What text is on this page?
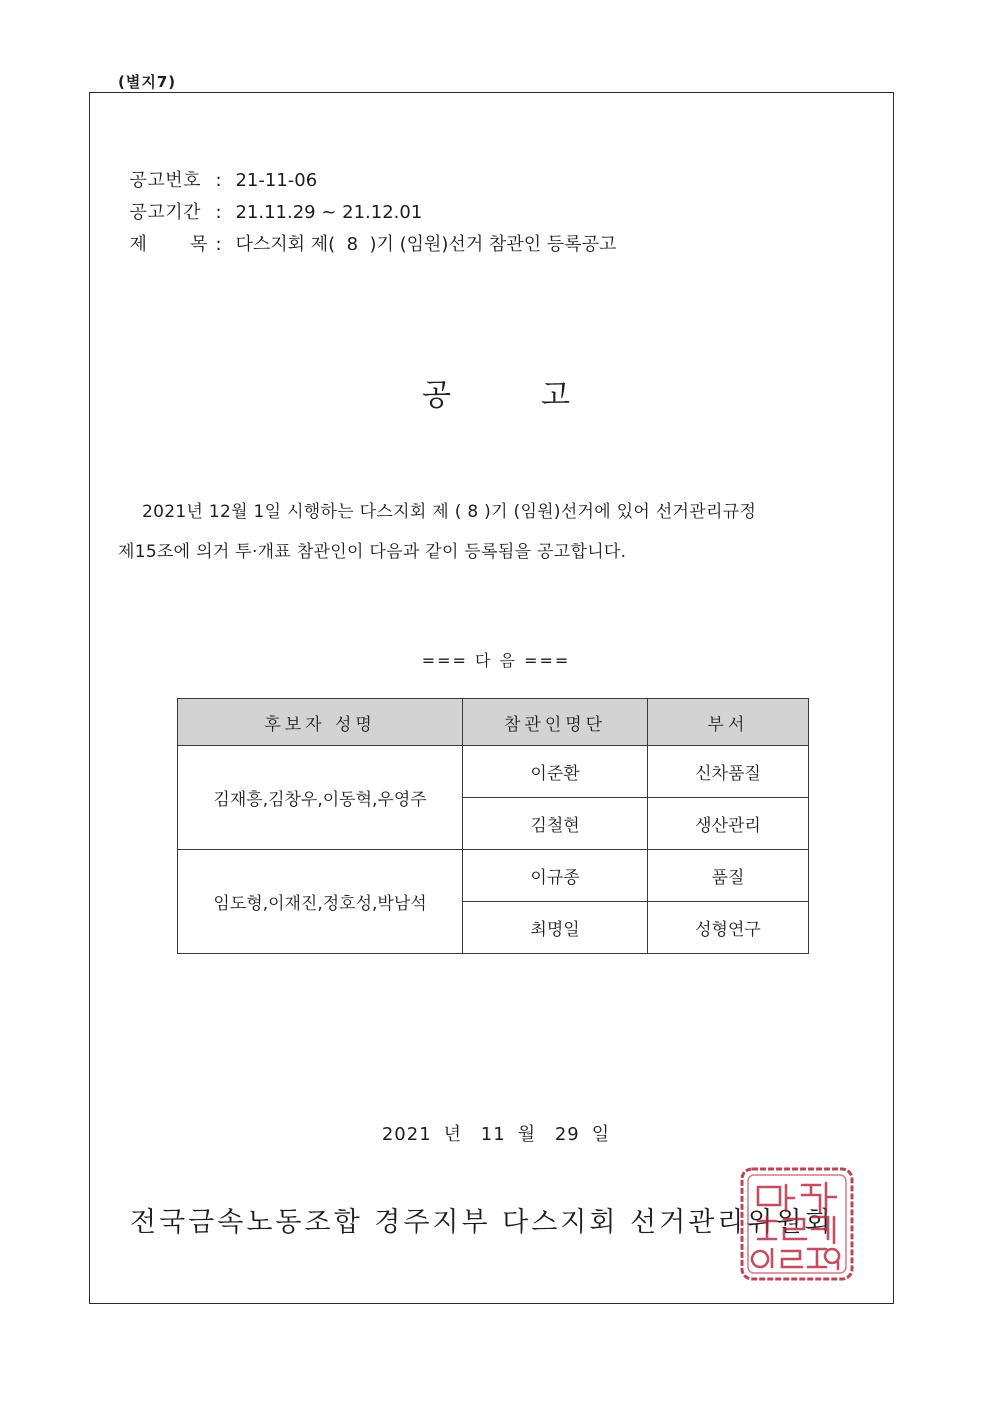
(별지7)

공고번호 : 21-11-06

공고기간 : 21.11.29 ~ 21.12.01

제 목 : 다스지회 제(  8  )기 (임원)선거 참관인 등록공고

공고
2021년 12월 1일 시행하는 다스지회 제 ( 8 )기 (임원)선거에 있어 선거관리규정
제15조에 의거 투·개표 참관인이 다음과 같이 등록됨을 공고합니다.
=== 다 음 ===
후보자 성명	참관인명단	부서
김재흥,김창우,이동혁,우영주	이준환	신차품질
	김철현	생산관리
임도형,이재진,정호성,박남석	이규종	품질
	최명일	성형연구
2021 년 11 월 29 일
전국금속노동조합 경주지부 다스지회 선거관리위원회
